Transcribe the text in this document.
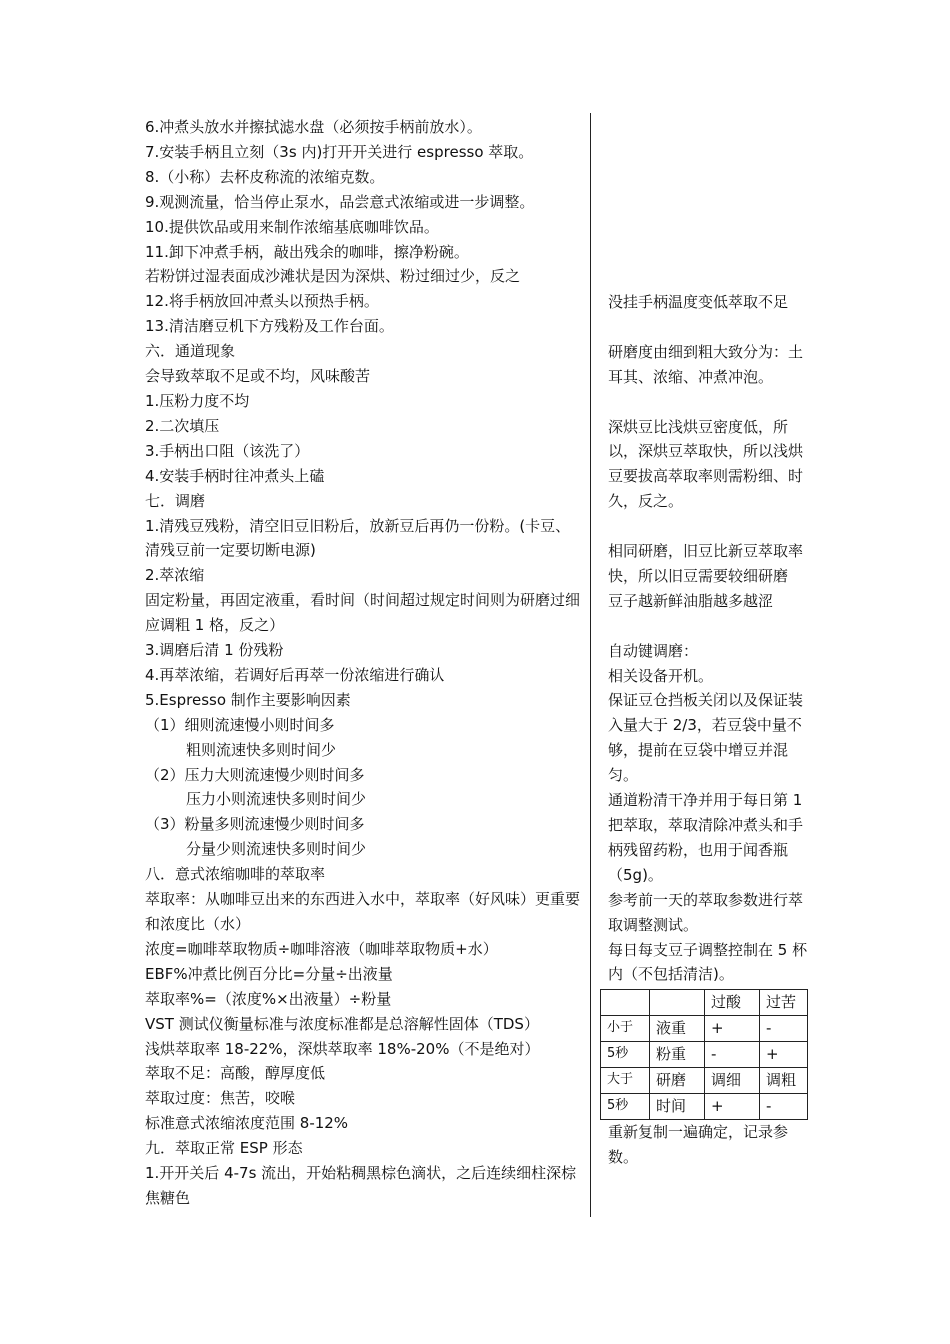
6.冲煮头放水并擦拭滤水盘（必须按手柄前放水）。
7.安装手柄且立刻（3s 内)打开开关进行 espresso 萃取。
8.（小称）去杯皮称流的浓缩克数。
9.观测流量，恰当停止泵水，品尝意式浓缩或进一步调整。
10.提供饮品或用来制作浓缩基底咖啡饮品。
11.卸下冲煮手柄，敲出残余的咖啡，擦净粉碗。
若粉饼过湿表面成沙滩状是因为深烘、粉过细过少，反之
12.将手柄放回冲煮头以预热手柄。
13.清洁磨豆机下方残粉及工作台面。
六．通道现象
会导致萃取不足或不均，风味酸苦
1.压粉力度不均
2.二次填压
3.手柄出口阻（该洗了）
4.安装手柄时往冲煮头上磕
七．调磨
1.清残豆残粉，清空旧豆旧粉后，放新豆后再仍一份粉。(卡豆、清残豆前一定要切断电源)
2.萃浓缩
固定粉量，再固定液重，看时间（时间超过规定时间则为研磨过细应调粗 1 格，反之）
3.调磨后清 1 份残粉
4.再萃浓缩，若调好后再萃一份浓缩进行确认
5.Espresso 制作主要影响因素
（1）细则流速慢小则时间多
粗则流速快多则时间少
（2）压力大则流速慢少则时间多
压力小则流速快多则时间少
（3）粉量多则流速慢少则时间多
分量少则流速快多则时间少
八．意式浓缩咖啡的萃取率
萃取率：从咖啡豆出来的东西进入水中，萃取率（好风味）更重要和浓度比（水）
浓度=咖啡萃取物质÷咖啡溶液（咖啡萃取物质+水）
EBF%冲煮比例百分比=分量÷出液量
萃取率%=（浓度%×出液量）÷粉量
VST 测试仪衡量标准与浓度标准都是总溶解性固体（TDS）
浅烘萃取率 18-22%，深烘萃取率 18%-20%（不是绝对）
萃取不足：高酸，醇厚度低
萃取过度：焦苦，咬喉
标准意式浓缩浓度范围 8-12%
九．萃取正常 ESP 形态
1.开开关后 4-7s 流出，开始粘稠黑棕色滴状，之后连续细柱深棕焦糖色
没挂手柄温度变低萃取不足
研磨度由细到粗大致分为：土耳其、浓缩、冲煮冲泡。
深烘豆比浅烘豆密度低，所以，深烘豆萃取快，所以浅烘豆要拔高萃取率则需粉细、时久，反之。
相同研磨，旧豆比新豆萃取率快，所以旧豆需要较细研磨
豆子越新鲜油脂越多越涩
自动键调磨：
相关设备开机。
保证豆仓挡板关闭以及保证装入量大于 2/3，若豆袋中量不够，提前在豆袋中增豆并混匀。
通道粉清干净并用于每日第 1 把萃取，萃取清除冲煮头和手柄残留药粉，也用于闻香瓶（5g)。
参考前一天的萃取参数进行萃取调整测试。
每日每支豆子调整控制在 5 杯内（不包括清洁)。
		过酸	过苦
小于	液重	+	-
5秒	粉重	-	+
大于	研磨	调细	调粗
5秒	时间	+	-
重新复制一遍确定，记录参数。
